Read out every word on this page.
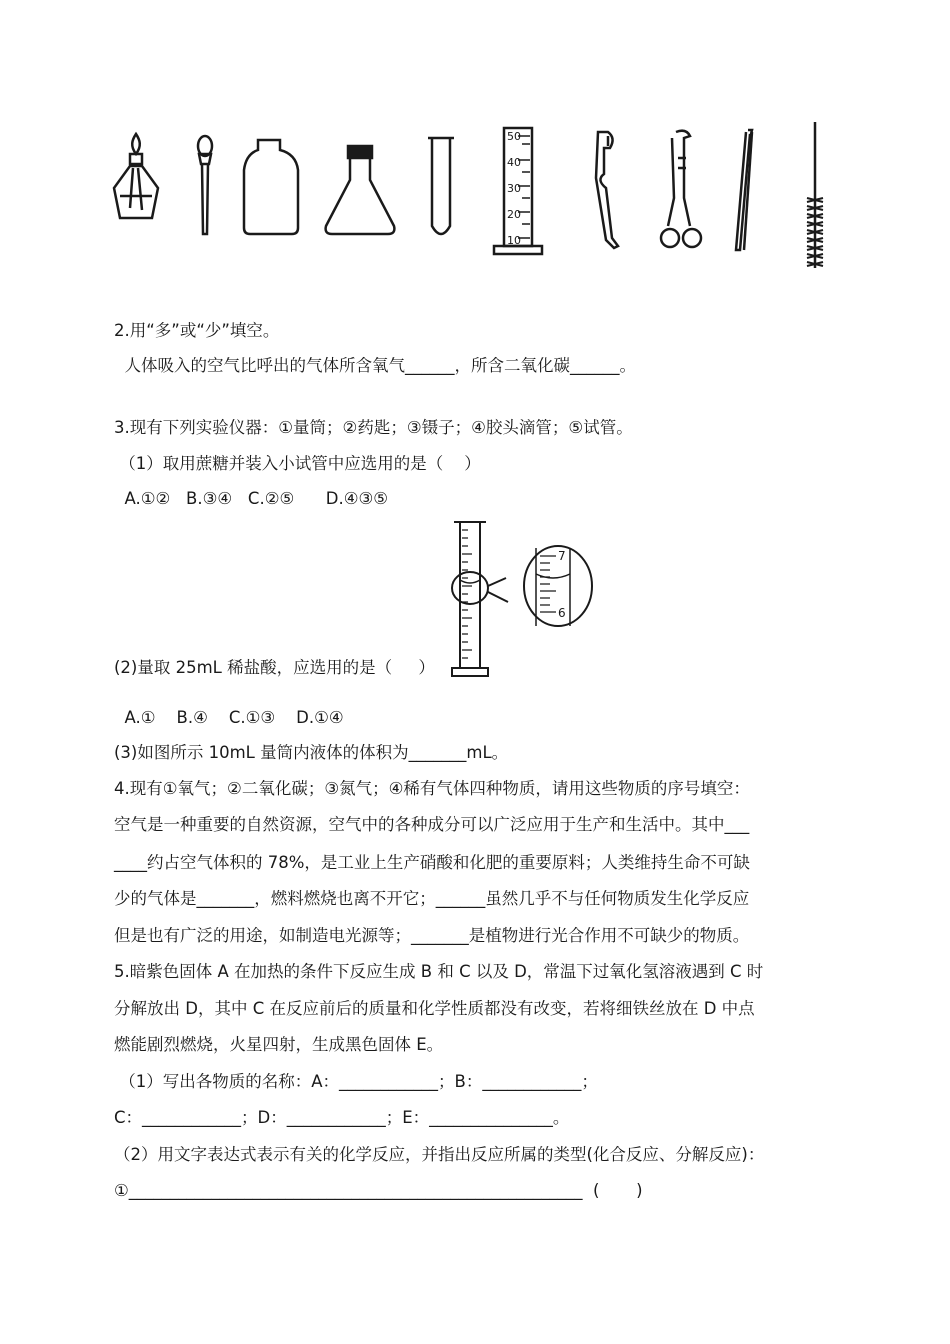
50
40
30
20
10
2.用“多”或“少”填空。
人体吸入的空气比呼出的气体所含氧气______，所含二氧化碳______。
3.现有下列实验仪器：①量筒；②药匙；③镊子；④胶头滴管；⑤试管。
（1）取用蔗糖并装入小试管中应选用的是（    ）
A.①②   B.③④   C.②⑤      D.④③⑤
7
6
(2)量取 25mL 稀盐酸，应选用的是（     ）
A.①    B.④    C.①③    D.①④
(3)如图所示 10mL 量筒内液体的体积为_______mL。
4.现有①氧气；②二氧化碳；③氮气；④稀有气体四种物质，请用这些物质的序号填空：
空气是一种重要的自然资源，空气中的各种成分可以广泛应用于生产和生活中。其中___
____约占空气体积的 78%，是工业上生产硝酸和化肥的重要原料；人类维持生命不可缺
少的气体是_______，燃料燃烧也离不开它；______虽然几乎不与任何物质发生化学反应
但是也有广泛的用途，如制造电光源等；_______是植物进行光合作用不可缺少的物质。
5.暗紫色固体 A 在加热的条件下反应生成 B 和 C 以及 D，常温下过氧化氢溶液遇到 C 时
分解放出 D，其中 C 在反应前后的质量和化学性质都没有改变，若将细铁丝放在 D 中点
燃能剧烈燃烧，火星四射，生成黑色固体 E。
（1）写出各物质的名称：A：____________；B：____________；
C：____________；D：____________；E：_______________。
（2）用文字表达式表示有关的化学反应，并指出反应所属的类型(化合反应、分解反应)：
①_______________________________________________________  (       )
